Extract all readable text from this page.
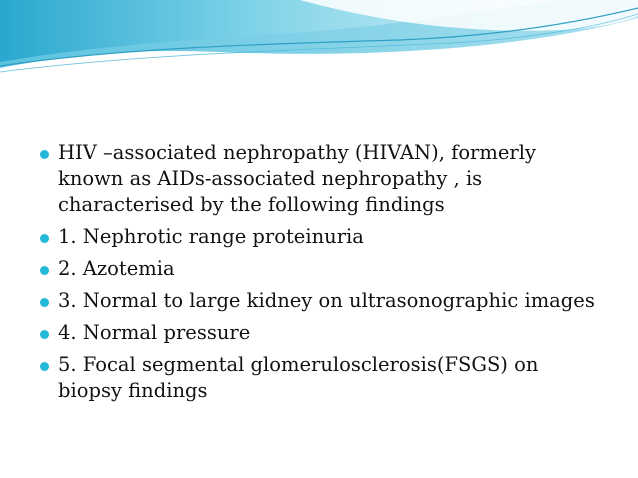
HIV –associated nephropathy (HIVAN), formerly known as AIDs-associated nephropathy , is characterised by the following findings
1. Nephrotic range proteinuria
2. Azotemia
3. Normal to large kidney on ultrasonographic images
4. Normal pressure
5. Focal segmental glomerulosclerosis(FSGS) on biopsy findings
